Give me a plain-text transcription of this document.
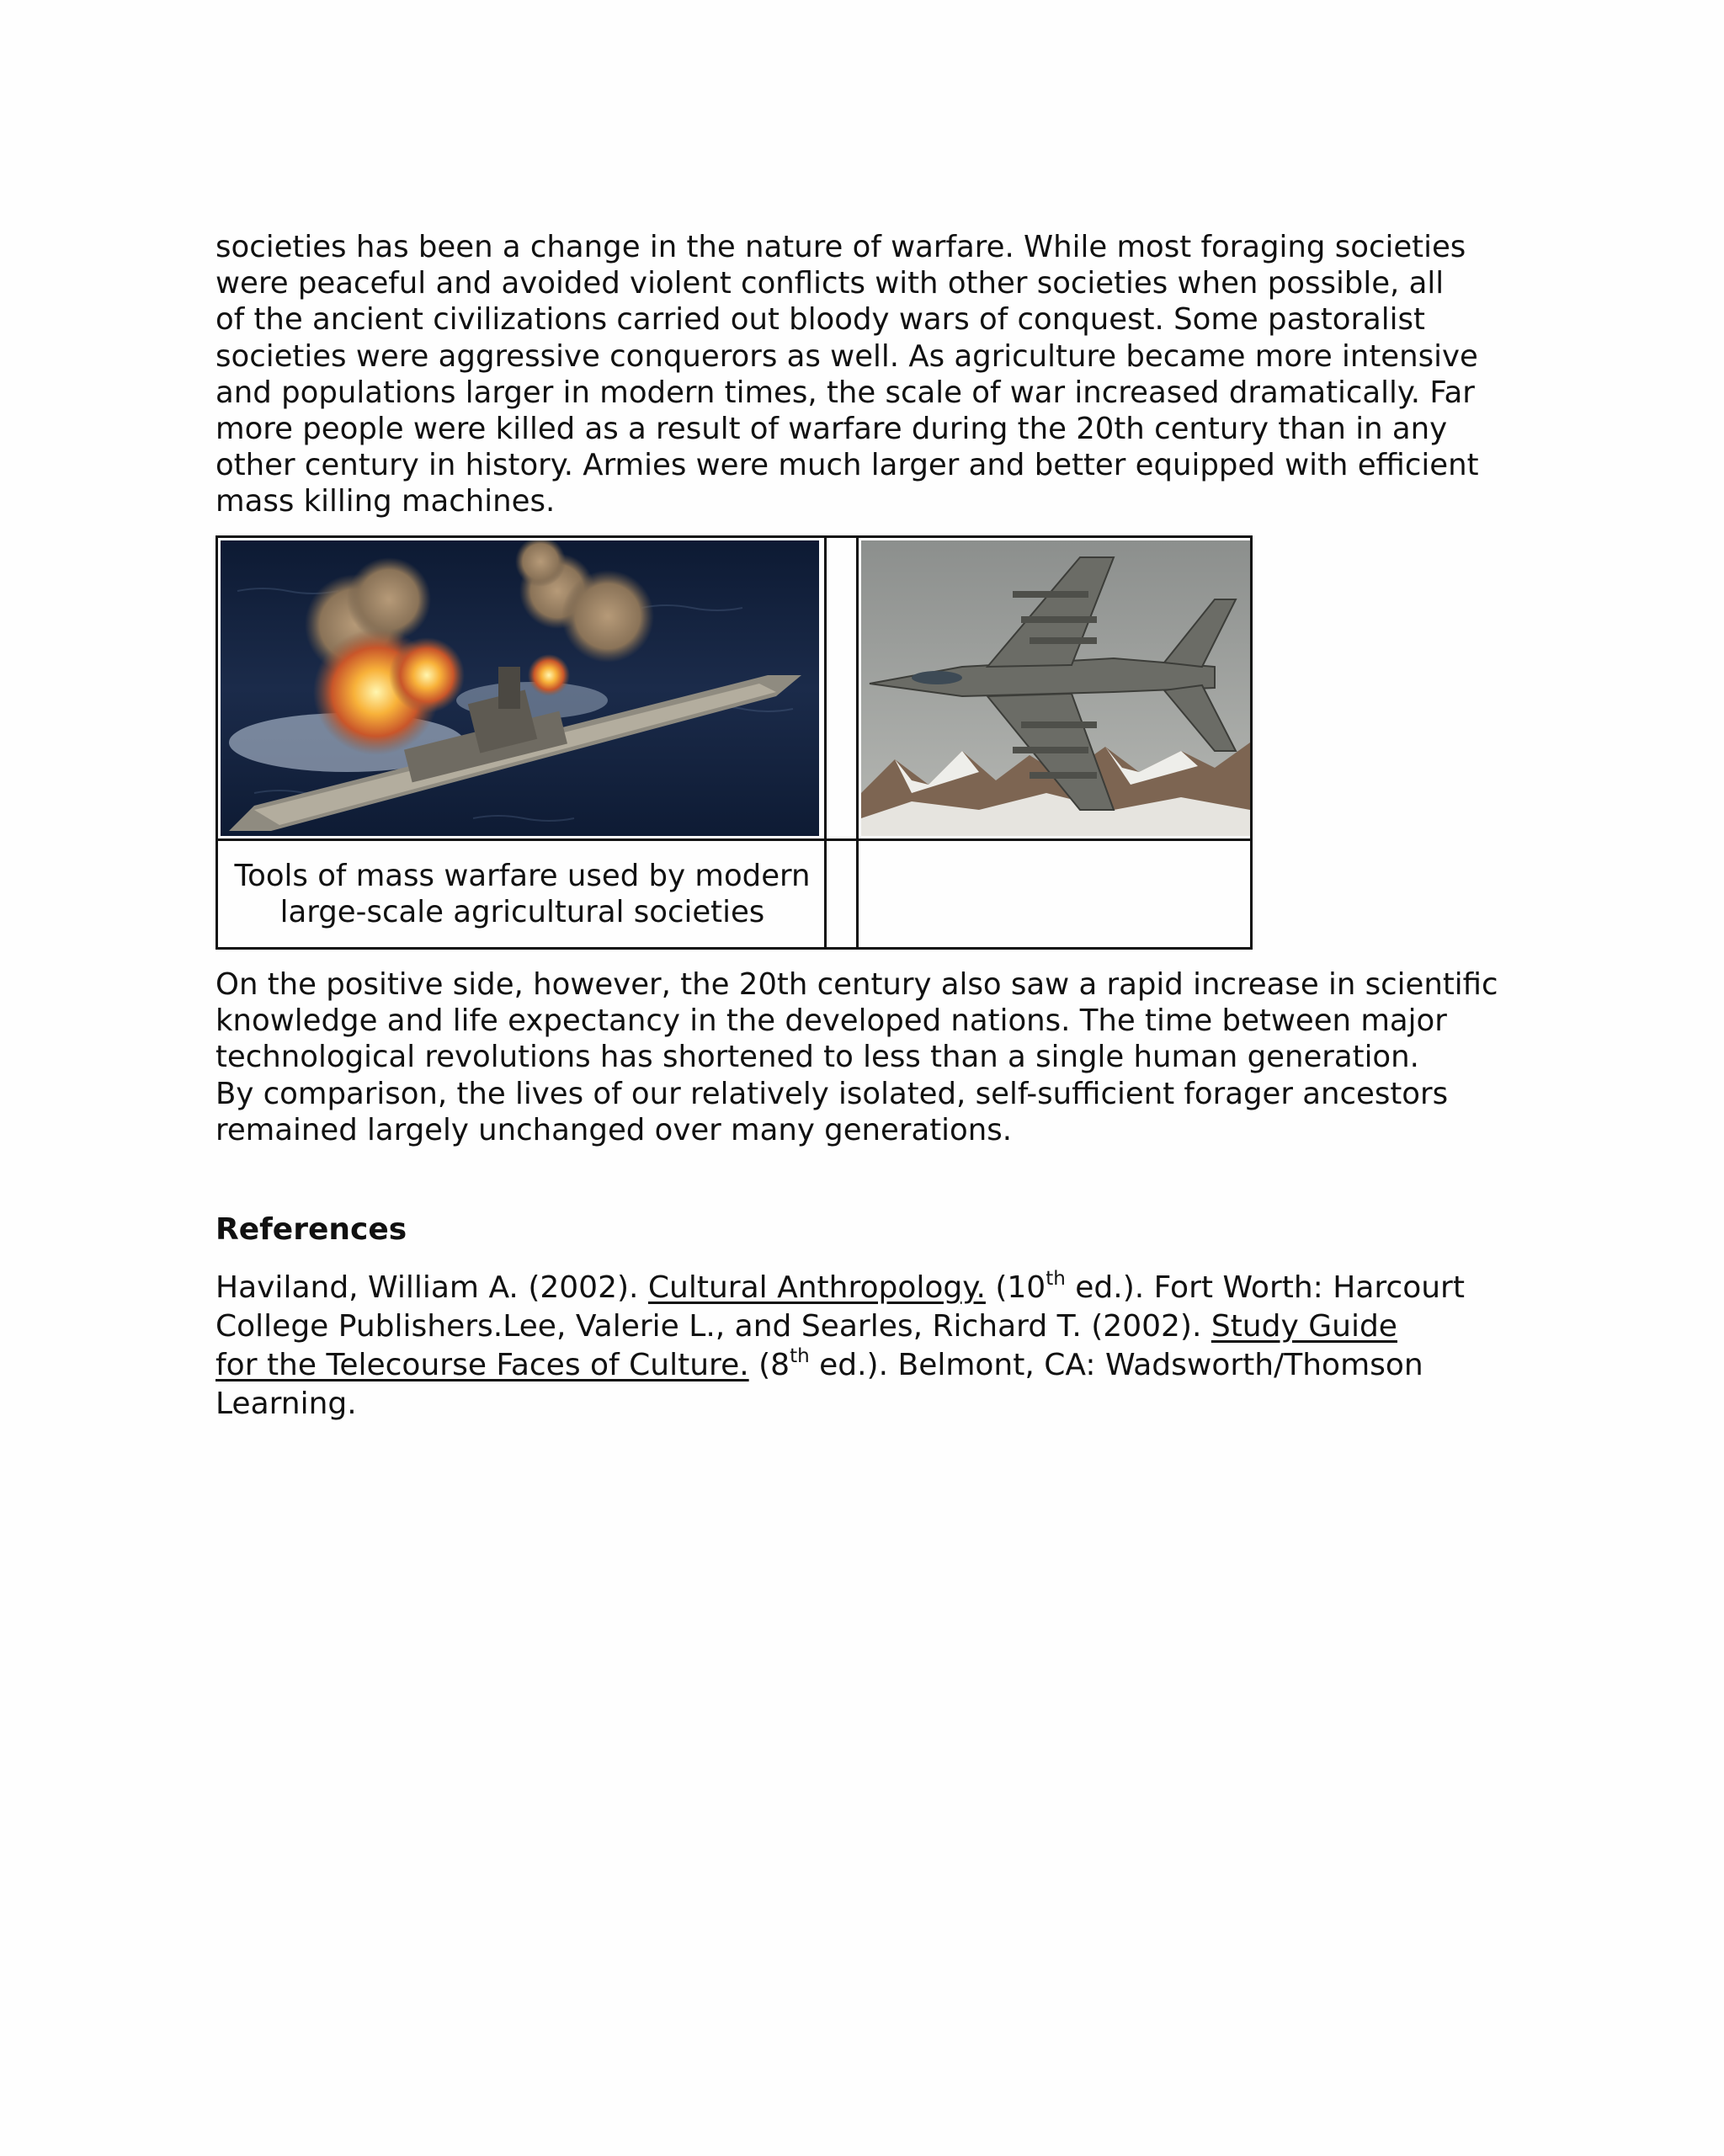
societies has been a change in the nature of warfare. While most foraging societies
were peaceful and avoided violent conflicts with other societies when possible, all
of the ancient civilizations carried out bloody wars of conquest. Some pastoralist
societies were aggressive conquerors as well. As agriculture became more intensive
and populations larger in modern times, the scale of war increased dramatically. Far
more people were killed as a result of warfare during the 20th century than in any
other century in history. Armies were much larger and better equipped with efficient
mass killing machines.

Tools of mass warfare used by modern
large-scale agricultural societies

On the positive side, however, the 20th century also saw a rapid increase in scientific
knowledge and life expectancy in the developed nations. The time between major
technological revolutions has shortened to less than a single human generation.
By comparison, the lives of our relatively isolated, self-sufficient forager ancestors
remained largely unchanged over many generations.

References
Haviland, William A. (2002). Cultural Anthropology. (10th ed.). Fort Worth: Harcourt
College Publishers.Lee, Valerie L., and Searles, Richard T. (2002). Study Guide
for the Telecourse Faces of Culture. (8th ed.). Belmont, CA: Wadsworth/Thomson
Learning.
